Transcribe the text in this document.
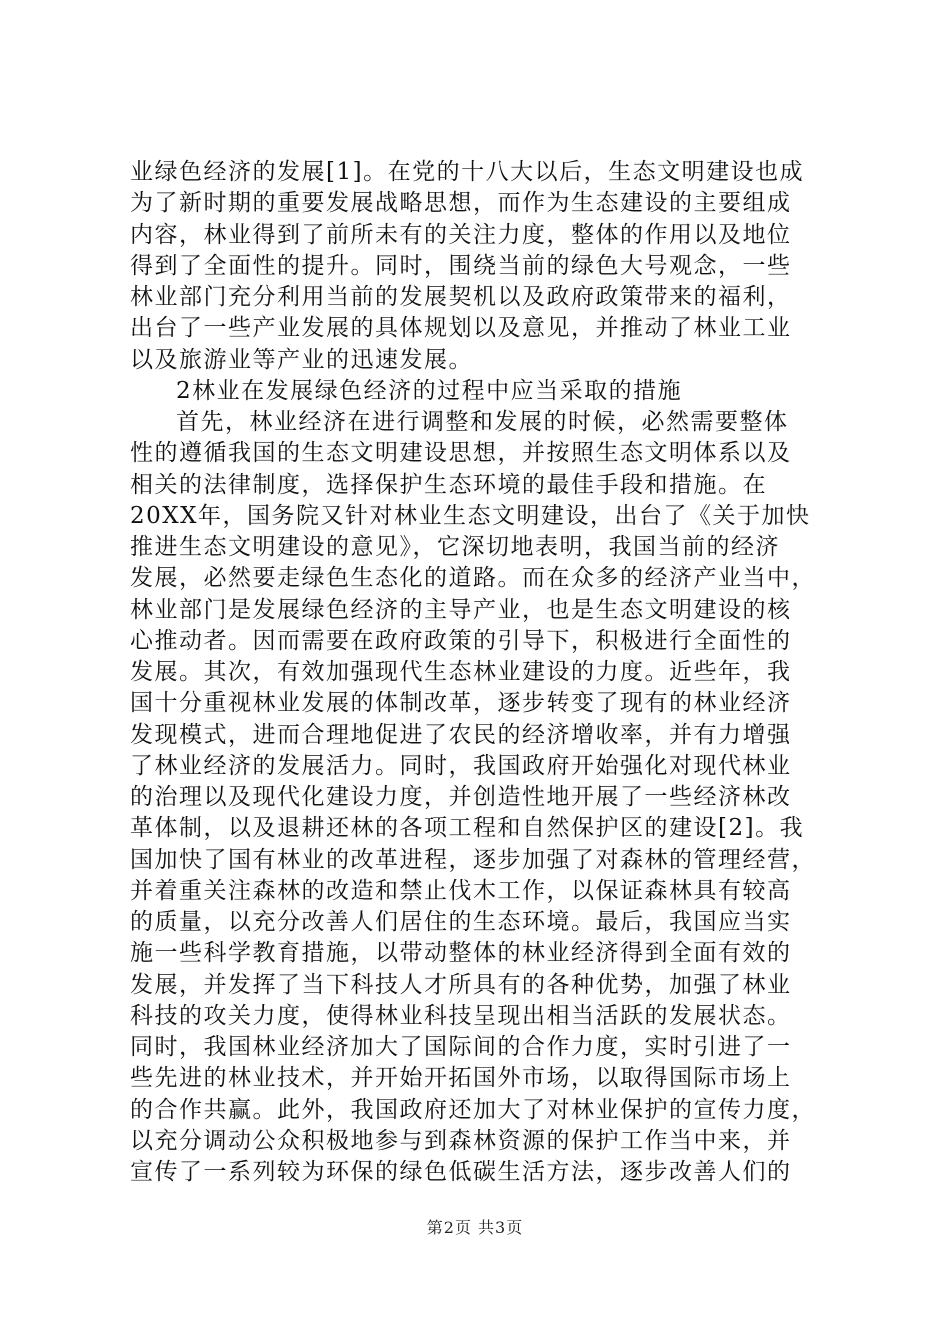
业绿色经济的发展[1]。在党的十八大以后，生态文明建设也成
为了新时期的重要发展战略思想，而作为生态建设的主要组成
内容，林业得到了前所未有的关注力度，整体的作用以及地位
得到了全面性的提升。同时，围绕当前的绿色大号观念，一些
林业部门充分利用当前的发展契机以及政府政策带来的福利，
出台了一些产业发展的具体规划以及意见，并推动了林业工业
以及旅游业等产业的迅速发展。
2林业在发展绿色经济的过程中应当采取的措施
首先，林业经济在进行调整和发展的时候，必然需要整体
性的遵循我国的生态文明建设思想，并按照生态文明体系以及
相关的法律制度，选择保护生态环境的最佳手段和措施。在
20XX年，国务院又针对林业生态文明建设，出台了《关于加快
推进生态文明建设的意见》，它深切地表明，我国当前的经济
发展，必然要走绿色生态化的道路。而在众多的经济产业当中，
林业部门是发展绿色经济的主导产业，也是生态文明建设的核
心推动者。因而需要在政府政策的引导下，积极进行全面性的
发展。其次，有效加强现代生态林业建设的力度。近些年，我
国十分重视林业发展的体制改革，逐步转变了现有的林业经济
发现模式，进而合理地促进了农民的经济增收率，并有力增强
了林业经济的发展活力。同时，我国政府开始强化对现代林业
的治理以及现代化建设力度，并创造性地开展了一些经济林改
革体制，以及退耕还林的各项工程和自然保护区的建设[2]。我
国加快了国有林业的改革进程，逐步加强了对森林的管理经营，
并着重关注森林的改造和禁止伐木工作，以保证森林具有较高
的质量，以充分改善人们居住的生态环境。最后，我国应当实
施一些科学教育措施，以带动整体的林业经济得到全面有效的
发展，并发挥了当下科技人才所具有的各种优势，加强了林业
科技的攻关力度，使得林业科技呈现出相当活跃的发展状态。
同时，我国林业经济加大了国际间的合作力度，实时引进了一
些先进的林业技术，并开始开拓国外市场，以取得国际市场上
的合作共赢。此外，我国政府还加大了对林业保护的宣传力度，
以充分调动公众积极地参与到森林资源的保护工作当中来，并
宣传了一系列较为环保的绿色低碳生活方法，逐步改善人们的
第2页 共3页
